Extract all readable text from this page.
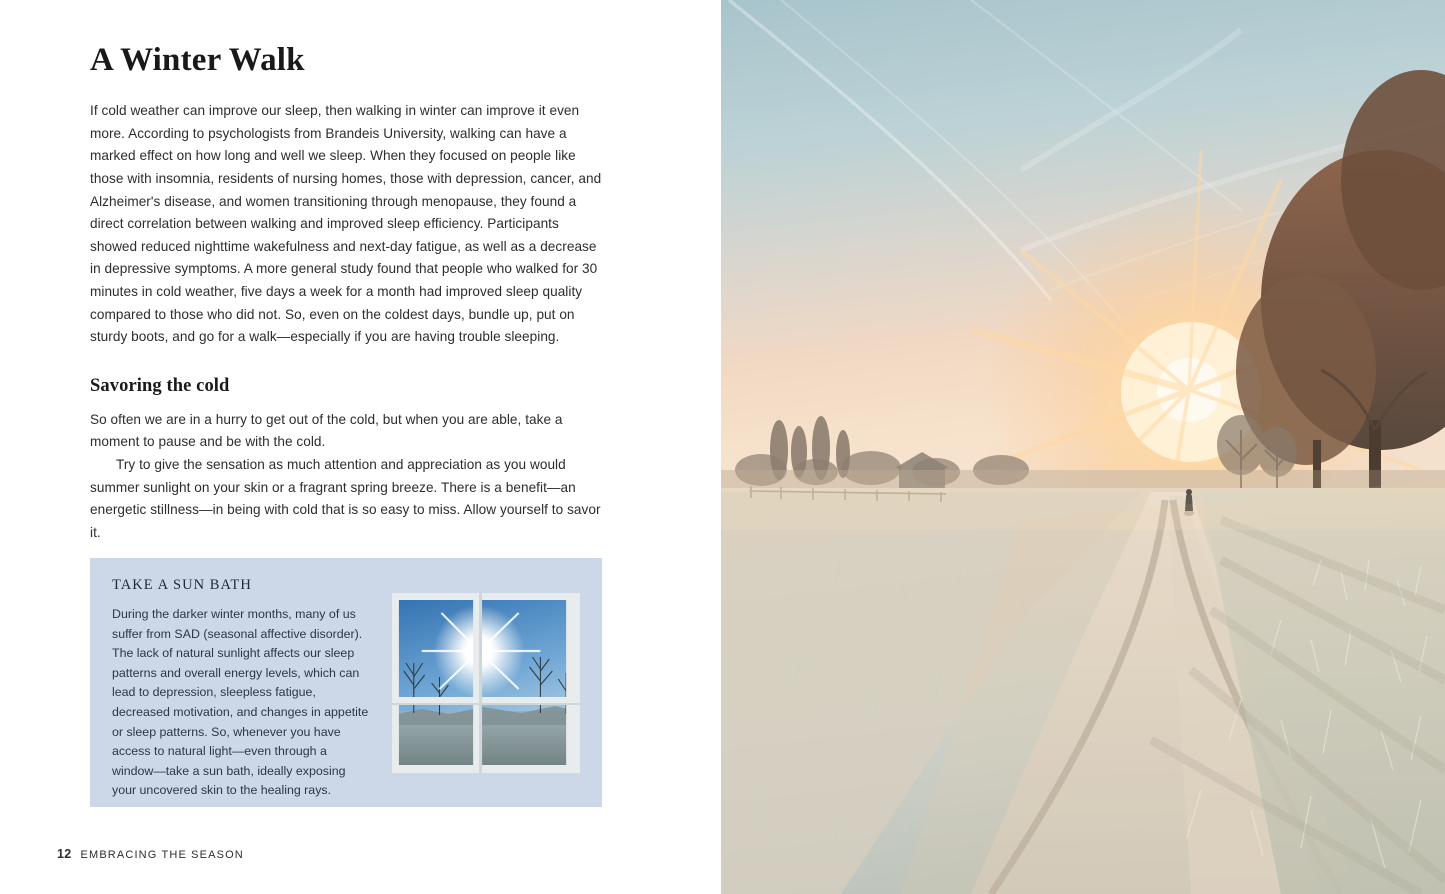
A Winter Walk

If cold weather can improve our sleep, then walking in winter can improve it even more. According to psychologists from Brandeis University, walking can have a marked effect on how long and well we sleep. When they focused on people like those with insomnia, residents of nursing homes, those with depression, cancer, and Alzheimer's disease, and women transitioning through menopause, they found a direct correlation between walking and improved sleep efficiency. Participants showed reduced nighttime wakefulness and next-day fatigue, as well as a decrease in depressive symptoms. A more general study found that people who walked for 30 minutes in cold weather, five days a week for a month had improved sleep quality compared to those who did not. So, even on the coldest days, bundle up, put on sturdy boots, and go for a walk—especially if you are having trouble sleeping.

Savoring the cold

So often we are in a hurry to get out of the cold, but when you are able, take a moment to pause and be with the cold.

Try to give the sensation as much attention and appreciation as you would summer sunlight on your skin or a fragrant spring breeze. There is a benefit—an energetic stillness—in being with cold that is so easy to miss. Allow yourself to savor it.

TAKE A SUN BATH

During the darker winter months, many of us suffer from SAD (seasonal affective disorder). The lack of natural sunlight affects our sleep patterns and overall energy levels, which can lead to depression, sleepless fatigue, decreased motivation, and changes in appetite or sleep patterns. So, whenever you have access to natural light—even through a window—take a sun bath, ideally exposing your uncovered skin to the healing rays.

12 EMBRACING THE SEASON
